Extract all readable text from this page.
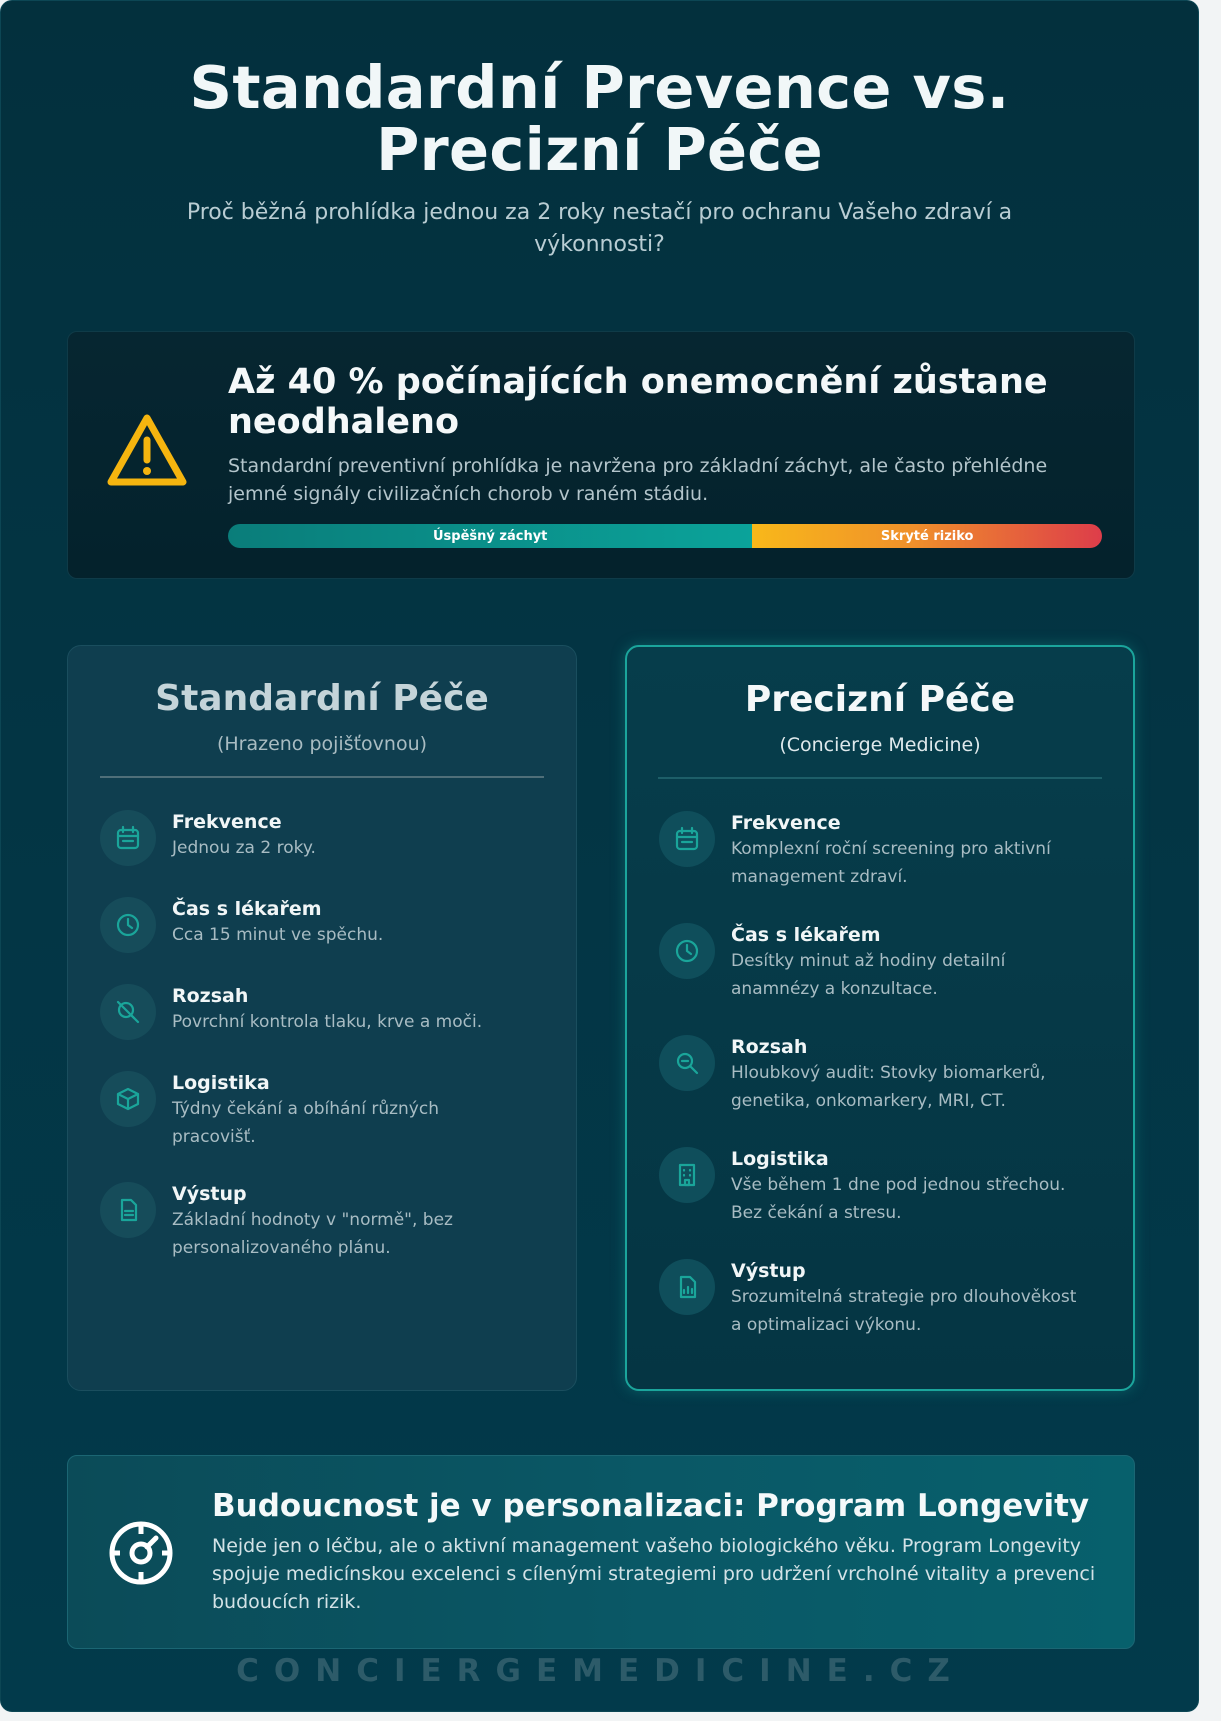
Standardní Prevence vs. Precizní Péče

Proč běžná prohlídka jednou za 2 roky nestačí pro ochranu Vašeho zdraví a výkonnosti?

Až 40 % počínajících onemocnění zůstane neodhaleno

Standardní preventivní prohlídka je navržena pro základní záchyt, ale často přehlédne jemné signály civilizačních chorob v raném stádiu.

Úspěšný záchyt	Skryté riziko
Standardní Péče
(Hrazeno pojišťovnou)
Frekvence
Jednou za 2 roky.
Čas s lékařem
Cca 15 minut ve spěchu.
Rozsah
Povrchní kontrola tlaku, krve a moči.
Logistika
Týdny čekání a obíhání různých pracovišť.
Výstup
Základní hodnoty v "normě", bez personalizovaného plánu.
Precizní Péče
(Concierge Medicine)
Frekvence
Komplexní roční screening pro aktivní management zdraví.
Čas s lékařem
Desítky minut až hodiny detailní anamnézy a konzultace.
Rozsah
Hloubkový audit: Stovky biomarkerů, genetika, onkomarkery, MRI, CT.
Logistika
Vše během 1 dne pod jednou střechou. Bez čekání a stresu.
Výstup
Srozumitelná strategie pro dlouhověkost a optimalizaci výkonu.
Budoucnost je v personalizaci: Program Longevity

Nejde jen o léčbu, ale o aktivní management vašeho biologického věku. Program Longevity spojuje medicínskou excelenci s cílenými strategiemi pro udržení vrcholné vitality a prevenci budoucích rizik.

CONCIERGEMEDICINE.CZ
